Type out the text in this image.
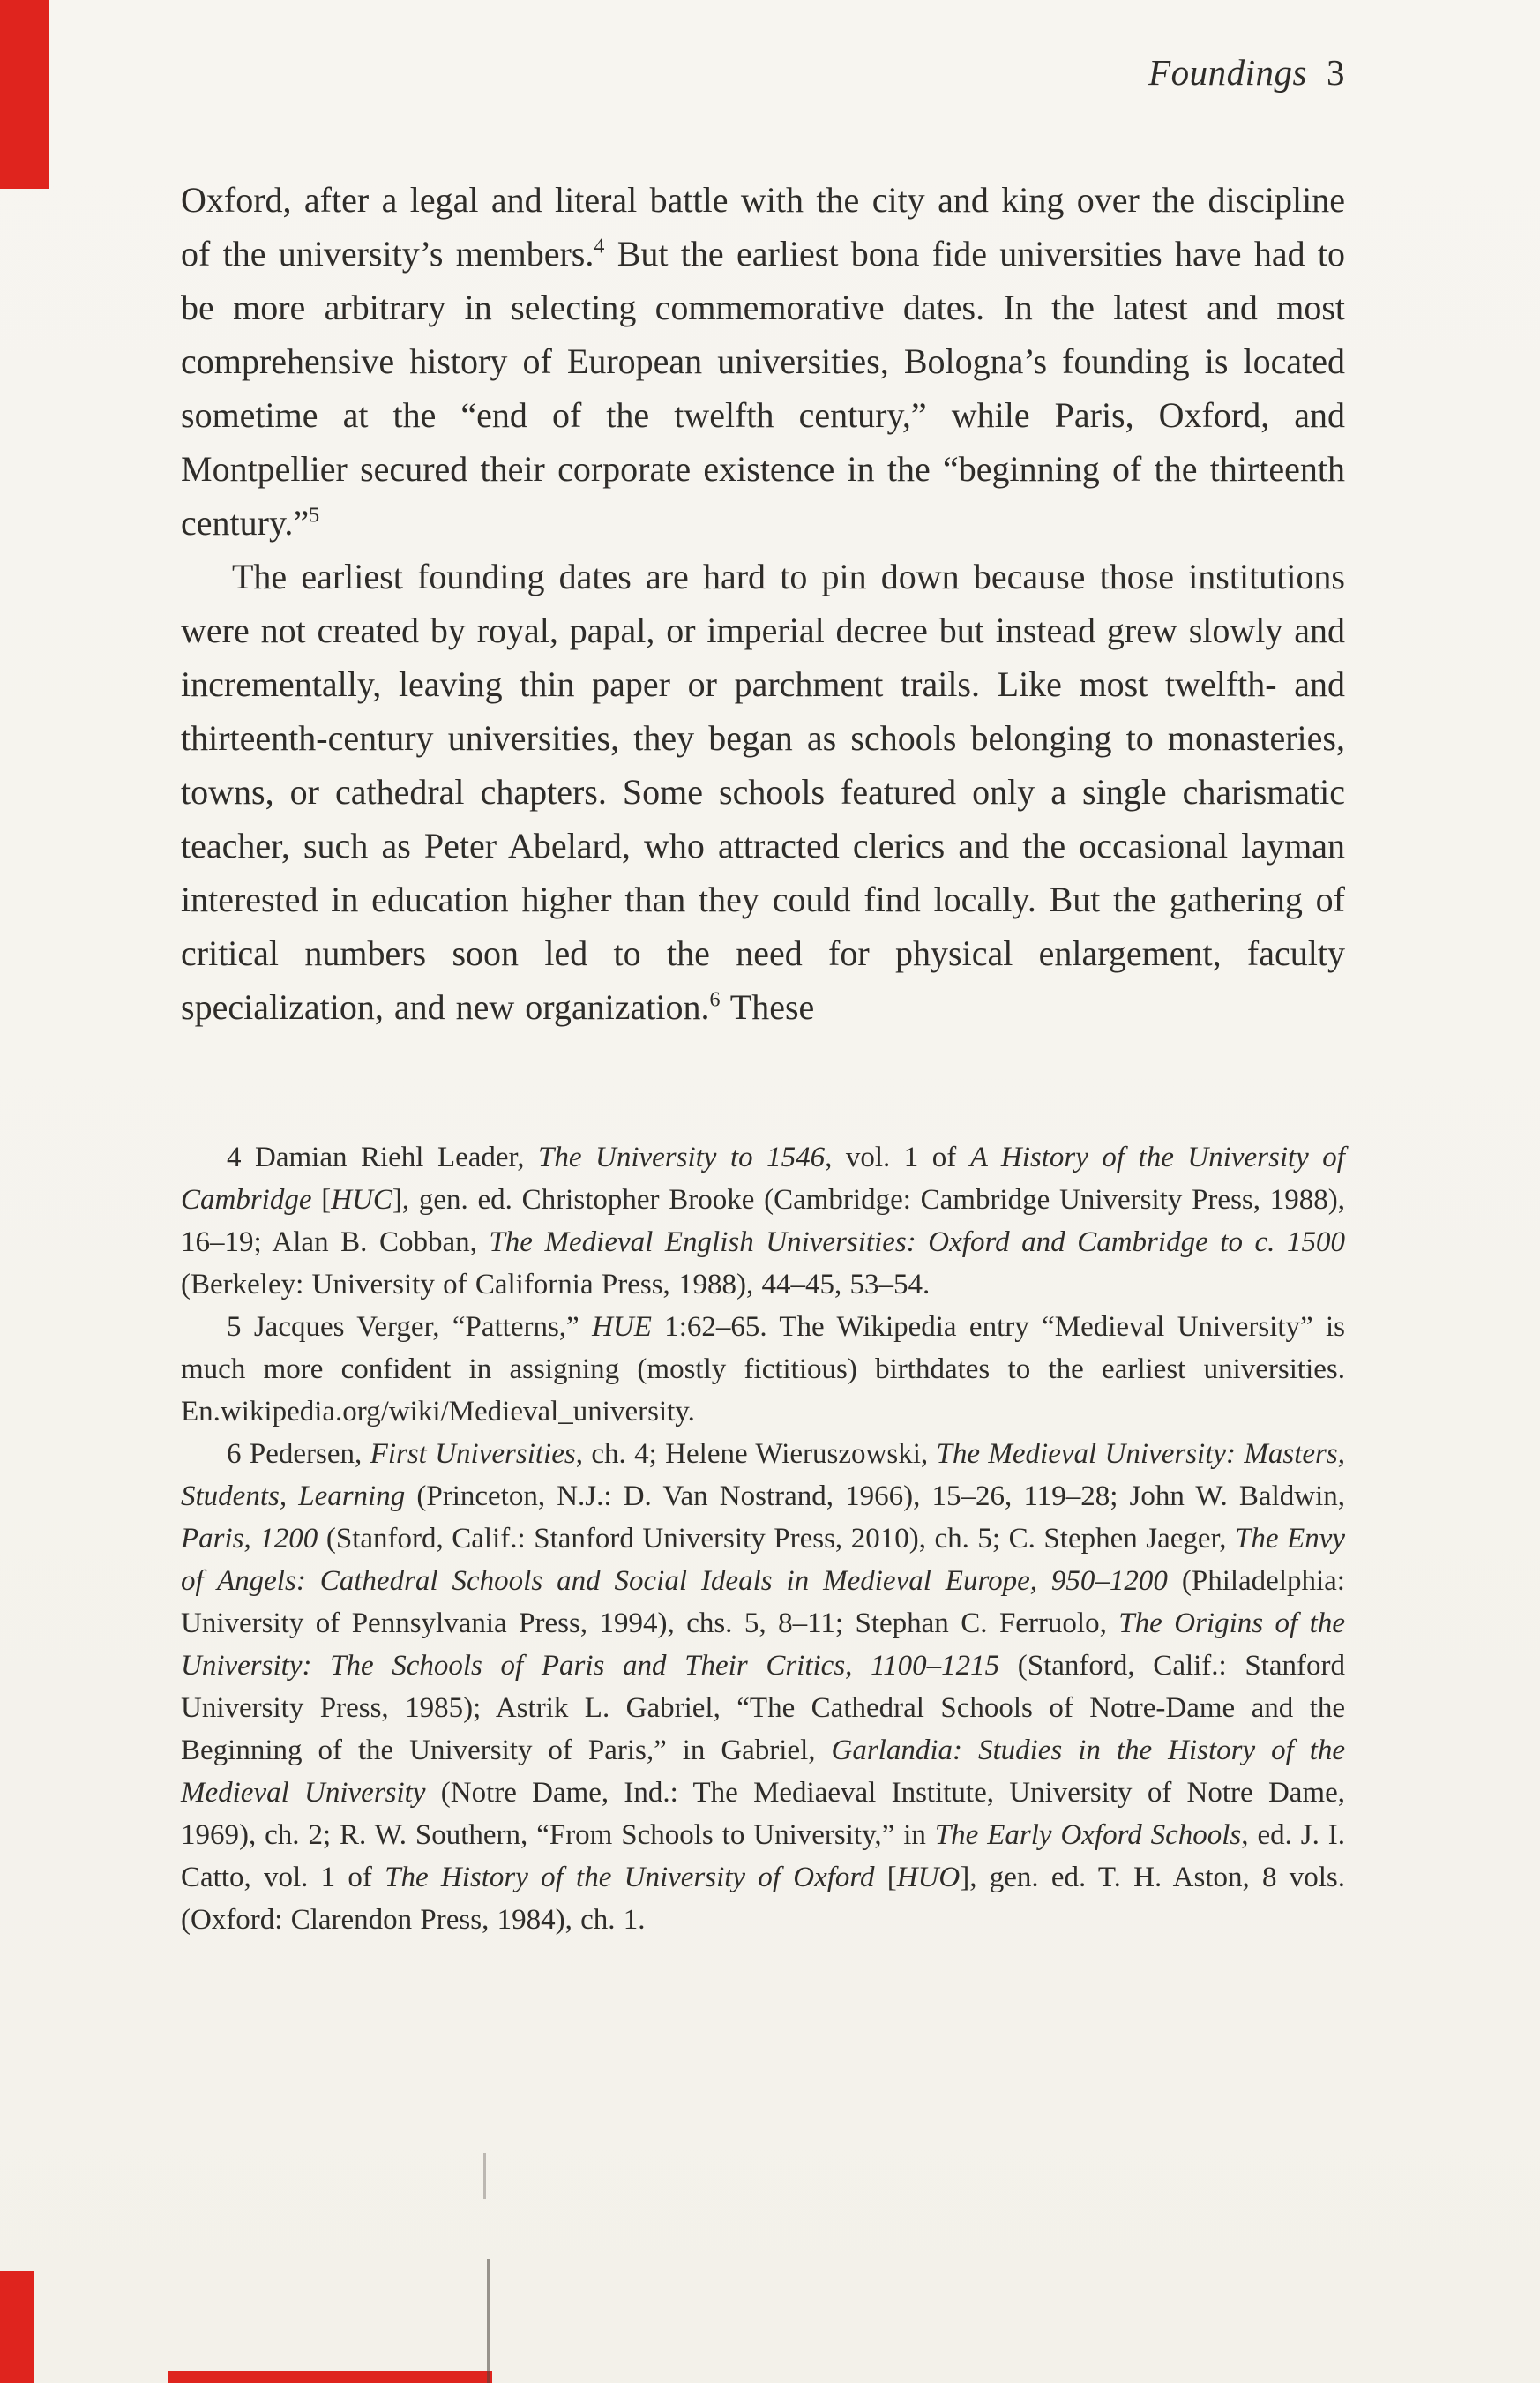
Foundings 3

Oxford, after a legal and literal battle with the city and king over the discipline of the university’s members.$^4$ But the earliest bona fide universities have had to be more arbitrary in selecting commemorative dates. In the latest and most comprehensive history of European universities, Bologna’s founding is located sometime at the “end of the twelfth century,” while Paris, Oxford, and Montpellier secured their corporate existence in the “beginning of the thirteenth century.”$^5$

The earliest founding dates are hard to pin down because those institutions were not created by royal, papal, or imperial decree but instead grew slowly and incrementally, leaving thin paper or parchment trails. Like most twelfth- and thirteenth-century universities, they began as schools belonging to monasteries, towns, or cathedral chapters. Some schools featured only a single charismatic teacher, such as Peter Abelard, who attracted clerics and the occasional layman interested in education higher than they could find locally. But the gathering of critical numbers soon led to the need for physical enlargement, faculty specialization, and new organization.$^6$ These

4 Damian Riehl Leader, The University to 1546, vol. 1 of A History of the University of Cambridge [HUC], gen. ed. Christopher Brooke (Cambridge: Cambridge University Press, 1988), 16–19; Alan B. Cobban, The Medieval English Universities: Oxford and Cambridge to c. 1500 (Berkeley: University of California Press, 1988), 44–45, 53–54.

5 Jacques Verger, “Patterns,” HUE 1:62–65. The Wikipedia entry “Medieval University” is much more confident in assigning (mostly fictitious) birthdates to the earliest universities. En.wikipedia.org/wiki/Medieval_university.

6 Pedersen, First Universities, ch. 4; Helene Wieruszowski, The Medieval University: Masters, Students, Learning (Princeton, N.J.: D. Van Nostrand, 1966), 15–26, 119–28; John W. Baldwin, Paris, 1200 (Stanford, Calif.: Stanford University Press, 2010), ch. 5; C. Stephen Jaeger, The Envy of Angels: Cathedral Schools and Social Ideals in Medieval Europe, 950–1200 (Philadelphia: University of Pennsylvania Press, 1994), chs. 5, 8–11; Stephan C. Ferruolo, The Origins of the University: The Schools of Paris and Their Critics, 1100–1215 (Stanford, Calif.: Stanford University Press, 1985); Astrik L. Gabriel, “The Cathedral Schools of Notre-Dame and the Beginning of the University of Paris,” in Gabriel, Garlandia: Studies in the History of the Medieval University (Notre Dame, Ind.: The Mediaeval Institute, University of Notre Dame, 1969), ch. 2; R. W. Southern, “From Schools to University,” in The Early Oxford Schools, ed. J. I. Catto, vol. 1 of The History of the University of Oxford [HUO], gen. ed. T. H. Aston, 8 vols. (Oxford: Clarendon Press, 1984), ch. 1.
